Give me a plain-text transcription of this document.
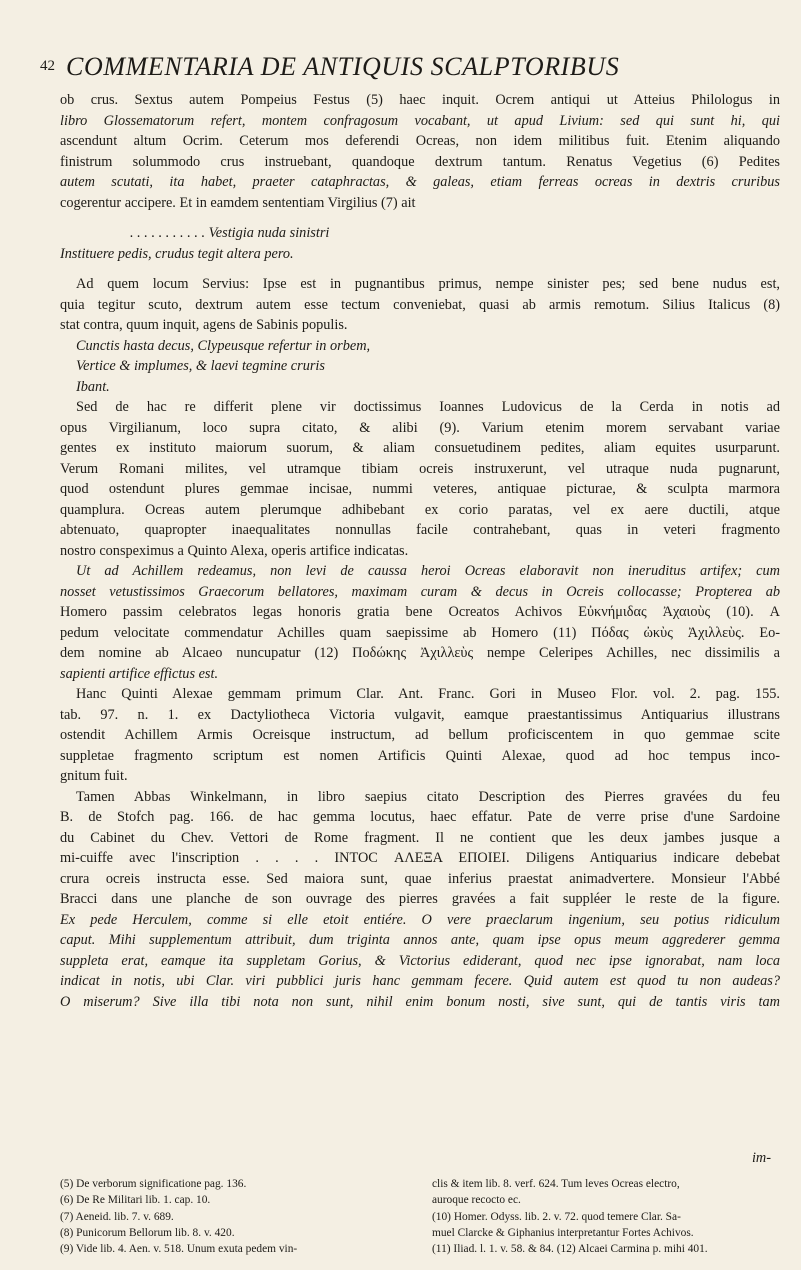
42 COMMENTARIA DE ANTIQUIS SCALPTORIBUS
ob crus. Sextus autem Pompeius Festus (5) haec inquit. Ocrem antiqui ut Atteius Philologus in
libro Glossematorum refert, montem confragosum vocabant, ut apud Livium: sed qui sunt hi, qui
ascendunt altum Ocrim. Ceterum mos deferendi Ocreas, non idem militibus fuit. Etenim aliquando
finistrum solummodo crus instruebant, quandoque dextrum tantum. Renatus Vegetius (6) Pedites
autem scutati, ita habet, praeter cataphractas, & galeas, etiam ferreas ocreas in dextris cruribus
cogerentur accipere. Et in eamdem sententiam Virgilius (7) ait
. . . . . . . . . . . Vestigia nuda sinistri
Instituere pedis, crudus tegit altera pero.
Ad quem locum Servius: Ipse est in pugnantibus primus, nempe sinister pes; sed bene nudus est,
quia tegitur scuto, dextrum autem esse tectum conveniebat, quasi ab armis remotum. Silius Italicus (8)
stat contra, quum inquit, agens de Sabinis populis.
Cunctis hasta decus, Clypeusque refertur in orbem,
Vertice & implumes, & laevi tegmine cruris
Ibant.
Sed de hac re differit plene vir doctissimus Ioannes Ludovicus de la Cerda in notis ad
opus Virgilianum, loco supra citato, & alibi (9). Varium etenim morem servabant variae
gentes ex instituto maiorum suorum, & aliam consuetudinem pedites, aliam equites usurparunt.
Verum Romani milites, vel utramque tibiam ocreis instruxerunt, vel utraque nuda pugnarunt,
quod ostendunt plures gemmae incisae, nummi veteres, antiquae picturae, & sculpta marmora
quamplura. Ocreas autem plerumque adhibebant ex corio paratas, vel ex aere ductili, atque
abtenuato, quapropter inaequalitates nonnullas facile contrahebant, quas in veteri fragmento
nostro conspeximus a Quinto Alexa, operis artifice indicatas.
Ut ad Achillem redeamus, non levi de caussa heroi Ocreas elaboravit non ineruditus artifex; cum
nosset vetustissimos Graecorum bellatores, maximam curam & decus in Ocreis collocasse; Propterea ab
Homero passim celebratos legas honoris gratia bene Ocreatos Achivos Εὐκνήμιδας Ἀχαιοὺς (10). A
pedum velocitate commendatur Achilles quam saepissime ab Homero (11) Πόδας ὠκὺς Ἀχιλλεὺς. Eo-
dem nomine ab Alcaeo nuncupatur (12) Ποδώκης Ἀχιλλεὺς nempe Celeripes Achilles, nec dissimilis a
sapienti artifice effictus est.
Hanc Quinti Alexae gemmam primum Clar. Ant. Franc. Gori in Museo Flor. vol. 2. pag. 155.
tab. 97. n. 1. ex Dactyliotheca Victoria vulgavit, eamque praestantissimus Antiquarius illustrans
ostendit Achillem Armis Ocreisque instructum, ad bellum proficiscentem in quo gemmae scite
suppletae fragmento scriptum est nomen Artificis Quinti Alexae, quod ad hoc tempus inco-
gnitum fuit.
Tamen Abbas Winkelmann, in libro saepius citato Description des Pierres gravées du feu
B. de Stofch pag. 166. de hac gemma locutus, haec effatur. Pate de verre prise d'une Sardoine
du Cabinet du Chev. Vettori de Rome fragment. Il ne contient que les deux jambes jusque a
mi-cuiffe avec l'inscription . . . . INTOC ΑΛΕΞΑ ΕΠΟΙΕΙ. Diligens Antiquarius indicare debebat
crura ocreis instructa esse. Sed maiora sunt, quae inferius praestat animadvertere. Monsieur l'Abbé
Bracci dans une planche de son ouvrage des pierres gravées a fait suppléer le reste de la figure.
Ex pede Herculem, comme si elle etoit entiére. O vere praeclarum ingenium, seu potius ridiculum
caput. Mihi supplementum attribuit, dum triginta annos ante, quam ipse opus meum aggrederer gemma
suppleta erat, eamque ita suppletam Gorius, & Victorius ediderant, quod nec ipse ignorabat, nam loca
indicat in notis, ubi Clar. viri pubblici juris hanc gemmam fecere. Quid autem est quod tu non audeas?
O miserum? Sive illa tibi nota non sunt, nihil enim bonum nosti, sive sunt, qui de tantis viris tam
im-
(5) De verborum significatione pag. 136.
(6) De Re Militari lib. 1. cap. 10.
(7) Aeneid. lib. 7. v. 689.
(8) Punicorum Bellorum lib. 8. v. 420.
(9) Vide lib. 4. Aen. v. 518. Unum exuta pedem vin-
clis & item lib. 8. verf. 624. Tum leves Ocreas electro,
auroque recocto ec.
(10) Homer. Odyss. lib. 2. v. 72. quod temere Clar. Sa-
muel Clarcke & Giphanius interpretantur Fortes Achivos.
(11) Iliad. l. 1. v. 58. & 84. (12) Alcaei Carmina p. mihi 401.
